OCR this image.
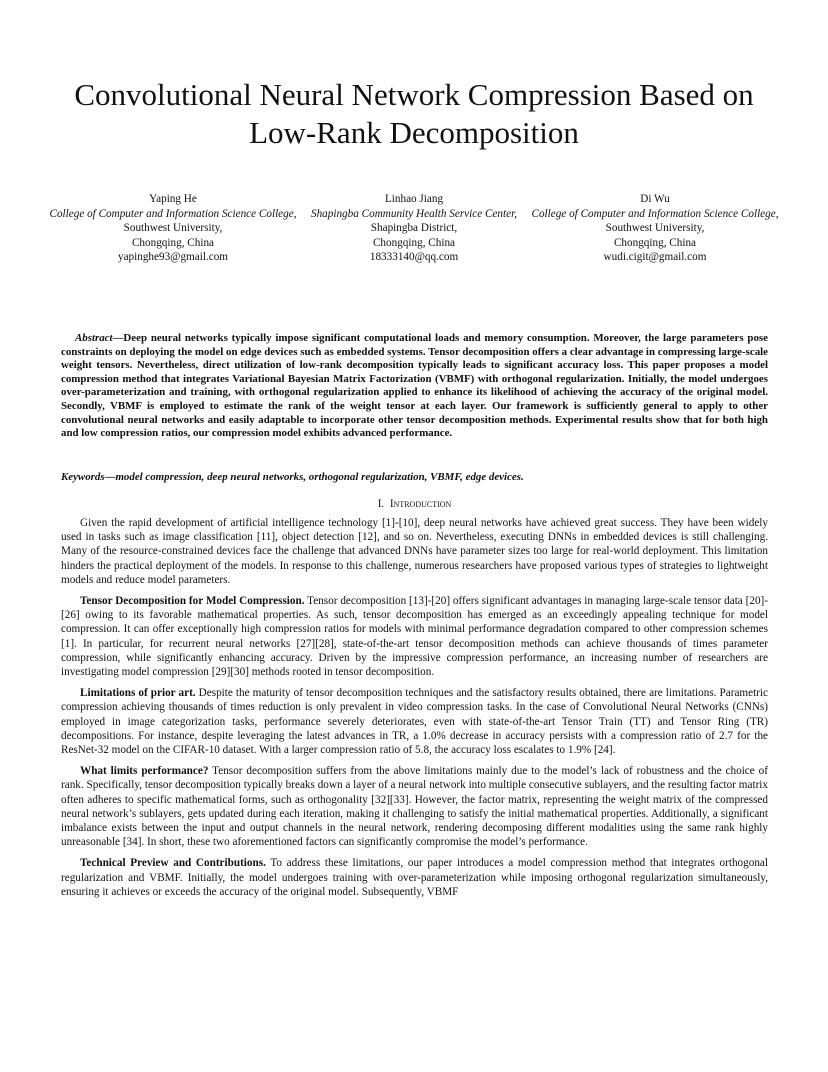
Convolutional Neural Network Compression Based on Low-Rank Decomposition
Yaping He
College of Computer and Information Science College,
Southwest University,
Chongqing, China
yapinghe93@gmail.com
Linhao Jiang
Shapingba Community Health Service Center,
Shapingba District,
Chongqing, China
18333140@qq.com
Di Wu
College of Computer and Information Science College,
Southwest University,
Chongqing, China
wudi.cigit@gmail.com

Abstract—Deep neural networks typically impose significant computational loads and memory consumption. Moreover, the large parameters pose constraints on deploying the model on edge devices such as embedded systems. Tensor decomposition offers a clear advantage in compressing large-scale weight tensors. Nevertheless, direct utilization of low-rank decomposition typically leads to significant accuracy loss. This paper proposes a model compression method that integrates Variational Bayesian Matrix Factorization (VBMF) with orthogonal regularization. Initially, the model undergoes over-parameterization and training, with orthogonal regularization applied to enhance its likelihood of achieving the accuracy of the original model. Secondly, VBMF is employed to estimate the rank of the weight tensor at each layer. Our framework is sufficiently general to apply to other convolutional neural networks and easily adaptable to incorporate other tensor decomposition methods. Experimental results show that for both high and low compression ratios, our compression model exhibits advanced performance.

Keywords—model compression, deep neural networks, orthogonal regularization, VBMF, edge devices.

I. Introduction

Given the rapid development of artificial intelligence technology [1]-[10], deep neural networks have achieved great success. They have been widely used in tasks such as image classification [11], object detection [12], and so on. Nevertheless, executing DNNs in embedded devices is still challenging. Many of the resource-constrained devices face the challenge that advanced DNNs have parameter sizes too large for real-world deployment. This limitation hinders the practical deployment of the models. In response to this challenge, numerous researchers have proposed various types of strategies to lightweight models and reduce model parameters.

Tensor Decomposition for Model Compression. Tensor decomposition [13]-[20] offers significant advantages in managing large-scale tensor data [20]-[26] owing to its favorable mathematical properties. As such, tensor decomposition has emerged as an exceedingly appealing technique for model compression. It can offer exceptionally high compression ratios for models with minimal performance degradation compared to other compression schemes [1]. In particular, for recurrent neural networks [27][28], state-of-the-art tensor decomposition methods can achieve thousands of times parameter compression, while significantly enhancing accuracy. Driven by the impressive compression performance, an increasing number of researchers are investigating model compression [29][30] methods rooted in tensor decomposition.

Limitations of prior art. Despite the maturity of tensor decomposition techniques and the satisfactory results obtained, there are limitations. Parametric compression achieving thousands of times reduction is only prevalent in video compression tasks. In the case of Convolutional Neural Networks (CNNs) employed in image categorization tasks, performance severely deteriorates, even with state-of-the-art Tensor Train (TT) and Tensor Ring (TR) decompositions. For instance, despite leveraging the latest advances in TR, a 1.0% decrease in accuracy persists with a compression ratio of 2.7 for the ResNet-32 model on the CIFAR-10 dataset. With a larger compression ratio of 5.8, the accuracy loss escalates to 1.9% [24].

What limits performance? Tensor decomposition suffers from the above limitations mainly due to the model’s lack of robustness and the choice of rank. Specifically, tensor decomposition typically breaks down a layer of a neural network into multiple consecutive sublayers, and the resulting factor matrix often adheres to specific mathematical forms, such as orthogonality [32][33]. However, the factor matrix, representing the weight matrix of the compressed neural network’s sublayers, gets updated during each iteration, making it challenging to satisfy the initial mathematical properties. Additionally, a significant imbalance exists between the input and output channels in the neural network, rendering decomposing different modalities using the same rank highly unreasonable [34]. In short, these two aforementioned factors can significantly compromise the model’s performance.

Technical Preview and Contributions. To address these limitations, our paper introduces a model compression method that integrates orthogonal regularization and VBMF. Initially, the model undergoes training with over-parameterization while imposing orthogonal regularization simultaneously, ensuring it achieves or exceeds the accuracy of the original model. Subsequently, VBMF
